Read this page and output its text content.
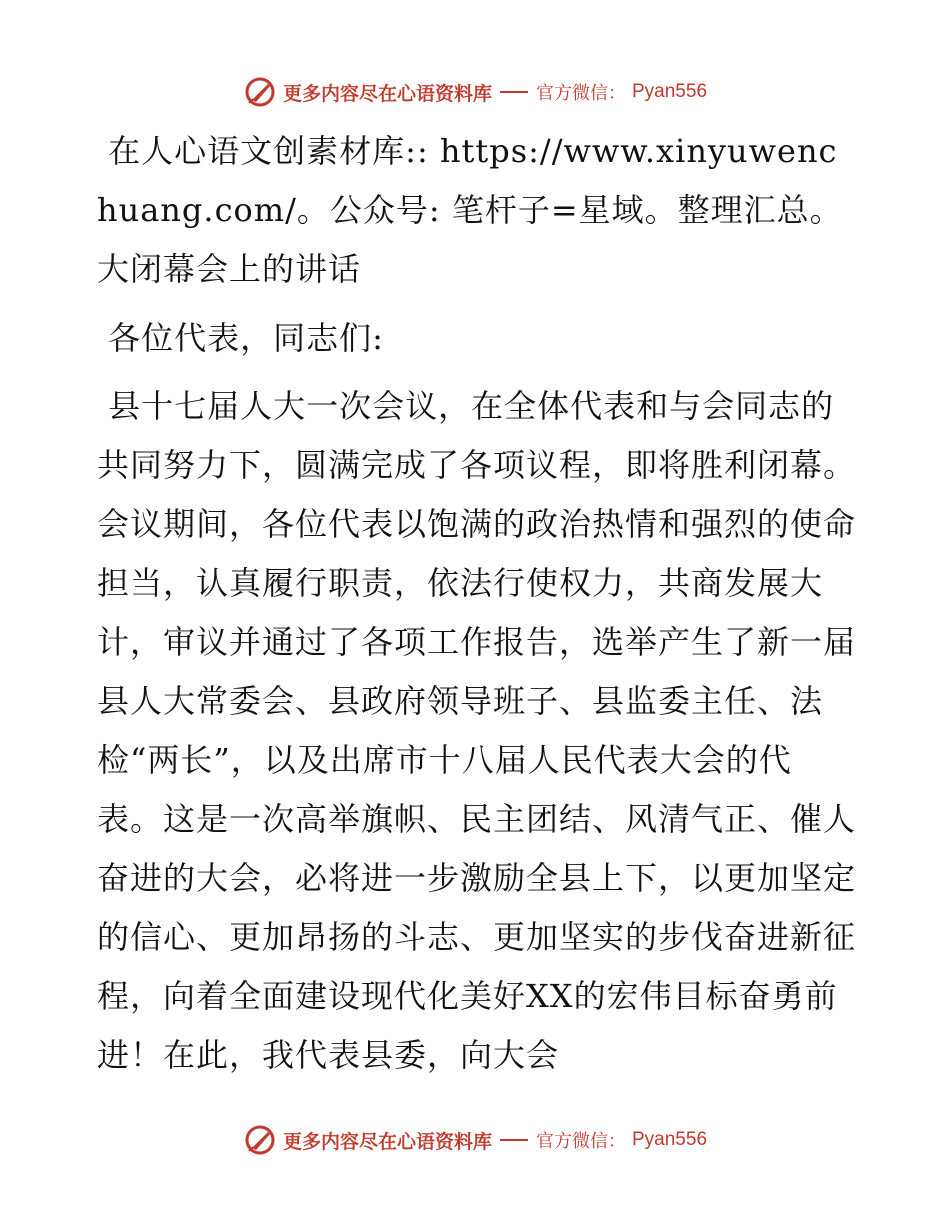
更多内容尽在心语资料库 官方微信： Pyan556

在人心语文创素材库:: https://www.xinyuwenchuang.com/。公众号: 笔杆子=星域。整理汇总。大闭幕会上的讲话

各位代表，同志们:

县十七届人大一次会议，在全体代表和与会同志的共同努力下，圆满完成了各项议程，即将胜利闭幕。会议期间，各位代表以饱满的政治热情和强烈的使命担当，认真履行职责，依法行使权力，共商发展大计，审议并通过了各项工作报告，选举产生了新一届县人大常委会、县政府领导班子、县监委主任、法检“两长”，以及出席市十八届人民代表大会的代表。这是一次高举旗帜、民主团结、风清气正、催人奋进的大会，必将进一步激励全县上下，以更加坚定的信心、更加昂扬的斗志、更加坚实的步伐奋进新征程，向着全面建设现代化美好XX的宏伟目标奋勇前进！在此，我代表县委，向大会

更多内容尽在心语资料库 官方微信： Pyan556
